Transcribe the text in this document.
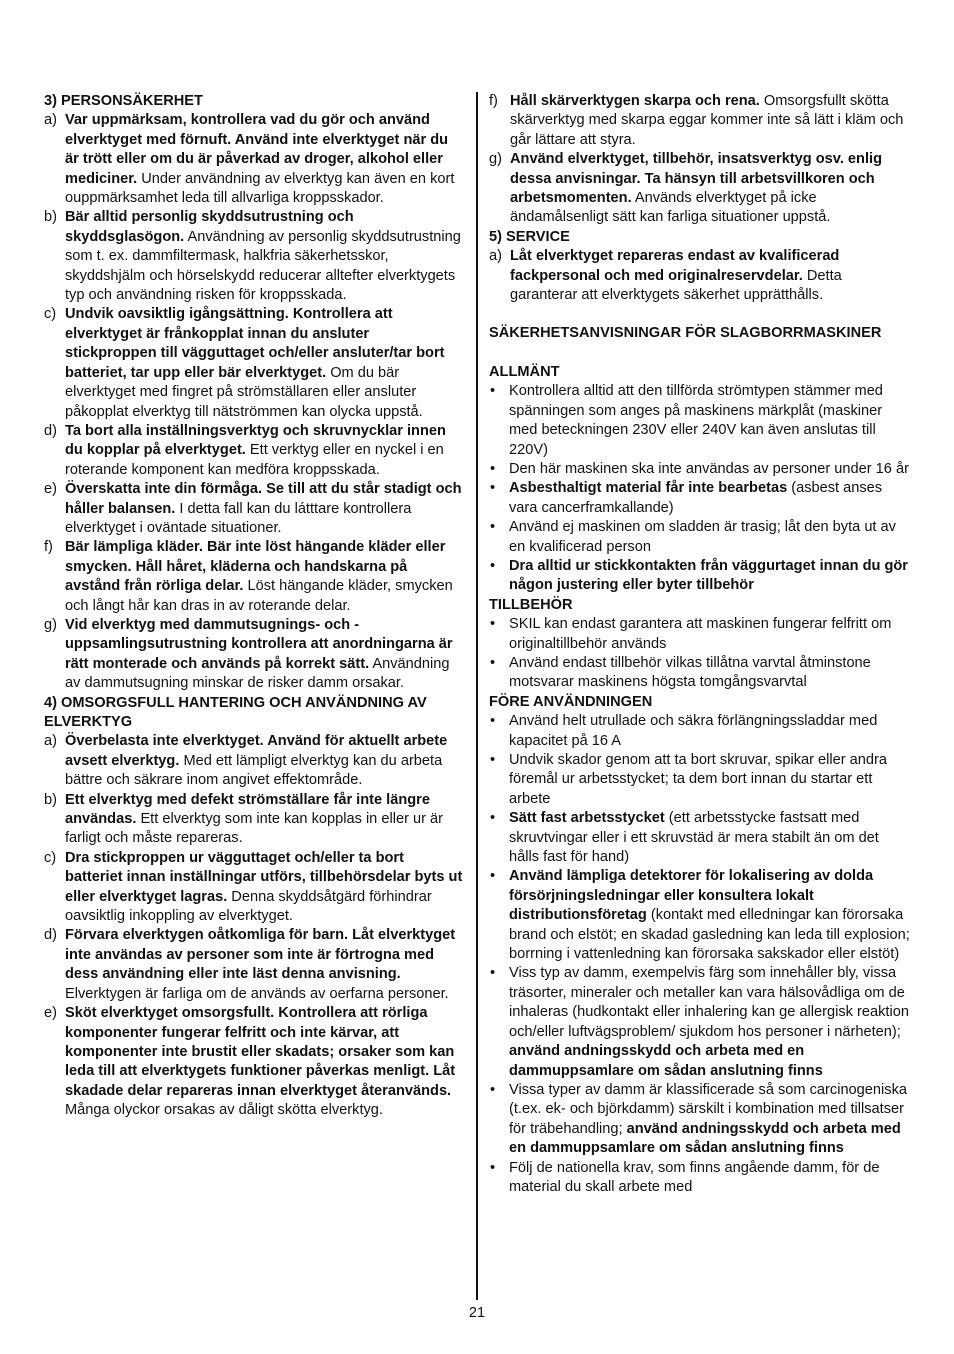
3) PERSONSÄKERHET
a) Var uppmärksam, kontrollera vad du gör och använd elverktyget med förnuft. Använd inte elverktyget när du är trött eller om du är påverkad av droger, alkohol eller mediciner. Under användning av elverktyg kan även en kort ouppmärksamhet leda till allvarliga kroppsskador.
b) Bär alltid personlig skyddsutrustning och skyddsglasögon. Användning av personlig skyddsutrustning som t. ex. dammfiltermask, halkfria säkerhetsskor, skyddshjälm och hörselskydd reducerar alltefter elverktygets typ och användning risken för kroppsskada.
c) Undvik oavsiktlig igångsättning. Kontrollera att elverktyget är frånkopplat innan du ansluter stickproppen till vägguttaget och/eller ansluter/tar bort batteriet, tar upp eller bär elverktyget. Om du bär elverktyget med fingret på strömställaren eller ansluter påkopplat elverktyg till nätströmmen kan olycka uppstå.
d) Ta bort alla inställningsverktyg och skruvnycklar innen du kopplar på elverktyget. Ett verktyg eller en nyckel i en roterande komponent kan medföra kroppsskada.
e) Överskatta inte din förmåga. Se till att du står stadigt och håller balansen. I detta fall kan du látttare kontrollera elverktyget i oväntade situationer.
f) Bär lämpliga kläder. Bär inte löst hängande kläder eller smycken. Håll håret, kläderna och handskarna på avstånd från rörliga delar. Löst hängande kläder, smycken och långt hår kan dras in av roterande delar.
g) Vid elverktyg med dammutsugnings- och -uppsamlingsutrustning kontrollera att anordningarna är rätt monterade och används på korrekt sätt. Användning av dammutsugning minskar de risker damm orsakar.
4) OMSORGSFULL HANTERING OCH ANVÄNDNING AV ELVERKTYG
a) Överbelasta inte elverktyget. Använd för aktuellt arbete avsett elverktyg. Med ett lämpligt elverktyg kan du arbeta bättre och säkrare inom angivet effektområde.
b) Ett elverktyg med defekt strömställare får inte längre användas. Ett elverktyg som inte kan kopplas in eller ur är farligt och måste repareras.
c) Dra stickproppen ur vägguttaget och/eller ta bort batteriet innan inställningar utförs, tillbehörsdelar byts ut eller elverktyget lagras. Denna skyddsåtgärd förhindrar oavsiktlig inkoppling av elverktyget.
d) Förvara elverktygen oåtkomliga för barn. Låt elverktyget inte användas av personer som inte är förtrogna med dess användning eller inte läst denna anvisning. Elverktygen är farliga om de används av oerfarna personer.
e) Sköt elverktyget omsorgsfullt. Kontrollera att rörliga komponenter fungerar felfritt och inte kärvar, att komponenter inte brustit eller skadats; orsaker som kan leda till att elverktygets funktioner påverkas menligt. Låt skadade delar repareras innan elverktyget återanvänds. Många olyckor orsakas av dåligt skötta elverktyg.
f) Håll skärverktygen skarpa och rena. Omsorgsfullt skötta skärverktyg med skarpa eggar kommer inte så lätt i kläm och går lättare att styra.
g) Använd elverktyget, tillbehör, insatsverktyg osv. enlig dessa anvisningar. Ta hänsyn till arbetsvillkoren och arbetsmomenten. Används elverktyget på icke ändamålsenligt sätt kan farliga situationer uppstå.
5) SERVICE
a) Låt elverktyget repareras endast av kvalificerad fackpersonal och med originalreservdelar. Detta garanterar att elverktygets säkerhet upprätthålls.
SÄKERHETSANVISNINGAR FÖR SLAGBORRMASKINER
ALLMÄNT
• Kontrollera alltid att den tillförda strömtypen stämmer med spänningen som anges på maskinens märkplåt (maskiner med beteckningen 230V eller 240V kan även anslutas till 220V)
• Den här maskinen ska inte användas av personer under 16 år
• Asbesthaltigt material får inte bearbetas (asbest anses vara cancerframkallande)
• Använd ej maskinen om sladden är trasig; låt den byta ut av en kvalificerad person
• Dra alltid ur stickkontakten från väggurtaget innan du gör någon justering eller byter tillbehör
TILLBEHÖR
• SKIL kan endast garantera att maskinen fungerar felfritt om originaltillbehör används
• Använd endast tillbehör vilkas tillåtna varvtal åtminstone motsvarar maskinens högsta tomgångsvarvtal
FÖRE ANVÄNDNINGEN
• Använd helt utrullade och säkra förlängningssladdar med kapacitet på 16 A
• Undvik skador genom att ta bort skruvar, spikar eller andra föremål ur arbetsstycket; ta dem bort innan du startar ett arbete
• Sätt fast arbetsstycket (ett arbetsstycke fastsatt med skruvtvingar eller i ett skruvstäd är mera stabilt än om det hålls fast för hand)
• Använd lämpliga detektorer för lokalisering av dolda försörjningsledningar eller konsultera lokalt distributionsföretag (kontakt med elledningar kan förorsaka brand och elstöt; en skadad gasledning kan leda till explosion; borrning i vattenledning kan förorsaka sakskador eller elstöt)
• Viss typ av damm, exempelvis färg som innehåller bly, vissa träsorter, mineraler och metaller kan vara hälsovådliga om de inhaleras (hudkontakt eller inhalering kan ge allergisk reaktion och/eller luftvägsproblem/ sjukdom hos personer i närheten); använd andningsskydd och arbeta med en dammuppsamlare om sådan anslutning finns
• Vissa typer av damm är klassificerade så som carcinogeniska (t.ex. ek- och björkdamm) särskilt i kombination med tillsatser för träbehandling; använd andningsskydd och arbeta med en dammuppsamlare om sådan anslutning finns
• Följ de nationella krav, som finns angående damm, för de material du skall arbete med
21
